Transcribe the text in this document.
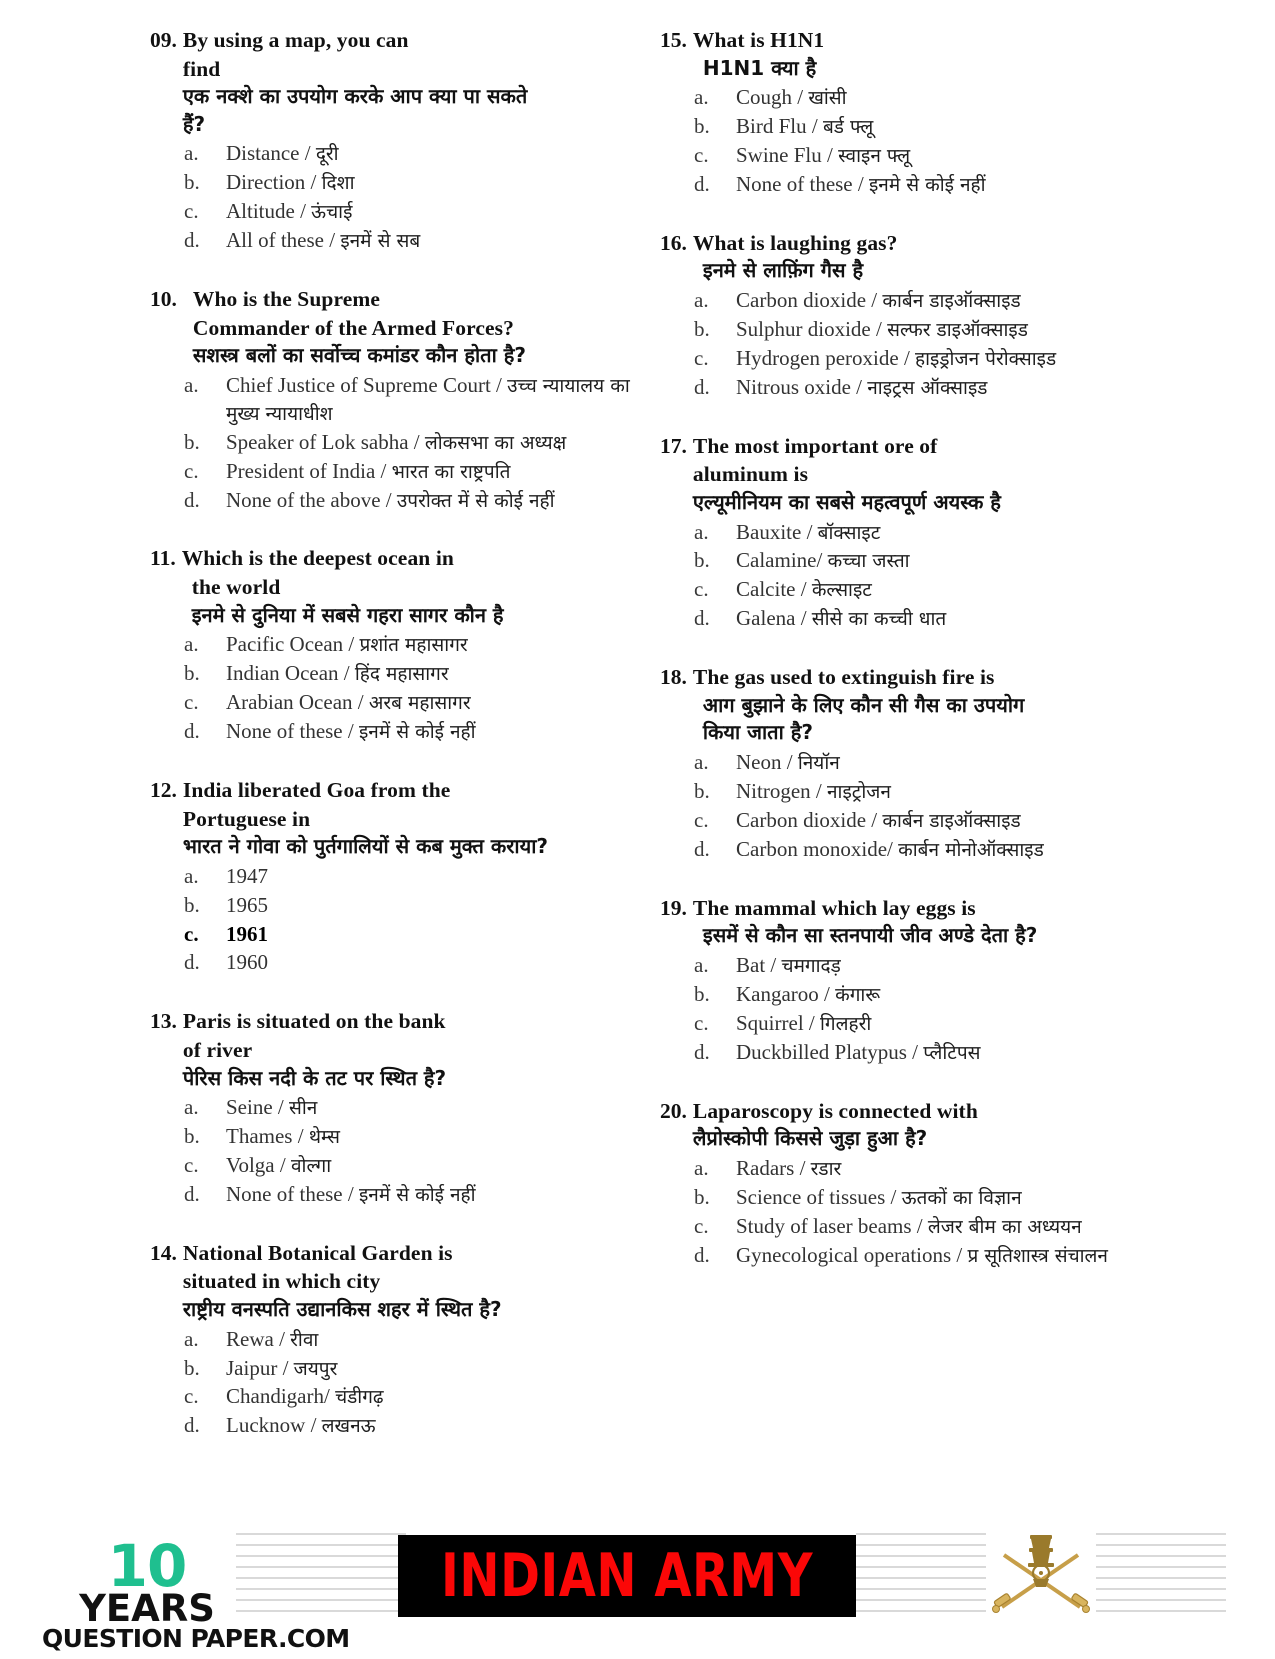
09. By using a map, you can
find
एक नक्शे का उपयोग करके आप क्या पा सकते
हैं?
a.	Distance / दूरी
b.	Direction / दिशा
c.	Altitude / ऊंचाई
d.	All of these / इनमें से सब
10. Who is the Supreme
Commander of the Armed Forces?
सशस्त्र बलों का सर्वोच्च कमांडर कौन होता है?
a.	Chief Justice of Supreme Court / उच्च न्यायालय का मुख्य न्यायाधीश
b.	Speaker of Lok sabha / लोकसभा का अध्यक्ष
c.	President of India / भारत का राष्ट्रपति
d.	None of the above / उपरोक्त में से कोई नहीं
11. Which is the deepest ocean in
the world
इनमे से दुनिया में सबसे गहरा सागर कौन है
a.	Pacific Ocean / प्रशांत महासागर
b.	Indian Ocean / हिंद महासागर
c.	Arabian Ocean / अरब महासागर
d.	None of these / इनमें से कोई नहीं
12. India liberated Goa from the
Portuguese in
भारत ने गोवा को पुर्तगालियों से कब मुक्त कराया?
a.	1947
b.	1965
c.	1961
d.	1960
13. Paris is situated on the bank
of river
पेरिस किस नदी के तट पर स्थित है?
a.	Seine / सीन
b.	Thames / थेम्स
c.	Volga / वोल्गा
d.	None of these / इनमें से कोई नहीं
14. National Botanical Garden is
situated in which city
राष्ट्रीय वनस्पति उद्यानकिस शहर में स्थित है?
a.	Rewa / रीवा
b.	Jaipur / जयपुर
c.	Chandigarh/ चंडीगढ़
d.	Lucknow / लखनऊ
15. What is H1N1
H1N1 क्या है
a.	Cough / खांसी
b.	Bird Flu / बर्ड फ्लू
c.	Swine Flu / स्वाइन फ्लू
d.	None of these / इनमे से कोई नहीं
16. What is laughing gas?
इनमे से लाफ़िंग गैस है
a.	Carbon dioxide / कार्बन डाइऑक्साइड
b.	Sulphur dioxide / सल्फर डाइऑक्साइड
c.	Hydrogen peroxide / हाइड्रोजन पेरोक्साइड
d.	Nitrous oxide / नाइट्रस ऑक्साइड
17. The most important ore of
aluminum is
एल्यूमीनियम का सबसे महत्वपूर्ण अयस्क है
a.	Bauxite / बॉक्साइट
b.	Calamine/ कच्चा जस्ता
c.	Calcite / केल्साइट
d.	Galena / सीसे का कच्ची धात
18. The gas used to extinguish fire is
आग बुझाने के लिए कौन सी गैस का उपयोग
किया जाता है?
a.	Neon / नियॉन
b.	Nitrogen / नाइट्रोजन
c.	Carbon dioxide / कार्बन डाइऑक्साइड
d.	Carbon monoxide/ कार्बन मोनोऑक्साइड
19. The mammal which lay eggs is
इसमें से कौन सा स्तनपायी जीव अण्डे देता है?
a.	Bat / चमगादड़
b.	Kangaroo / कंगारू
c.	Squirrel / गिलहरी
d.	Duckbilled Platypus / प्लैटिपस
20. Laparoscopy is connected with
लैप्रोस्कोपी किससे जुड़ा हुआ है?
a.	Radars / रडार
b.	Science of tissues / ऊतकों का विज्ञान
c.	Study of laser beams / लेजर बीम का अध्ययन
d.	Gynecological operations / प्र सूतिशास्त्र संचालन
10
YEARS
QUESTION PAPER.COM
INDIAN ARMY
